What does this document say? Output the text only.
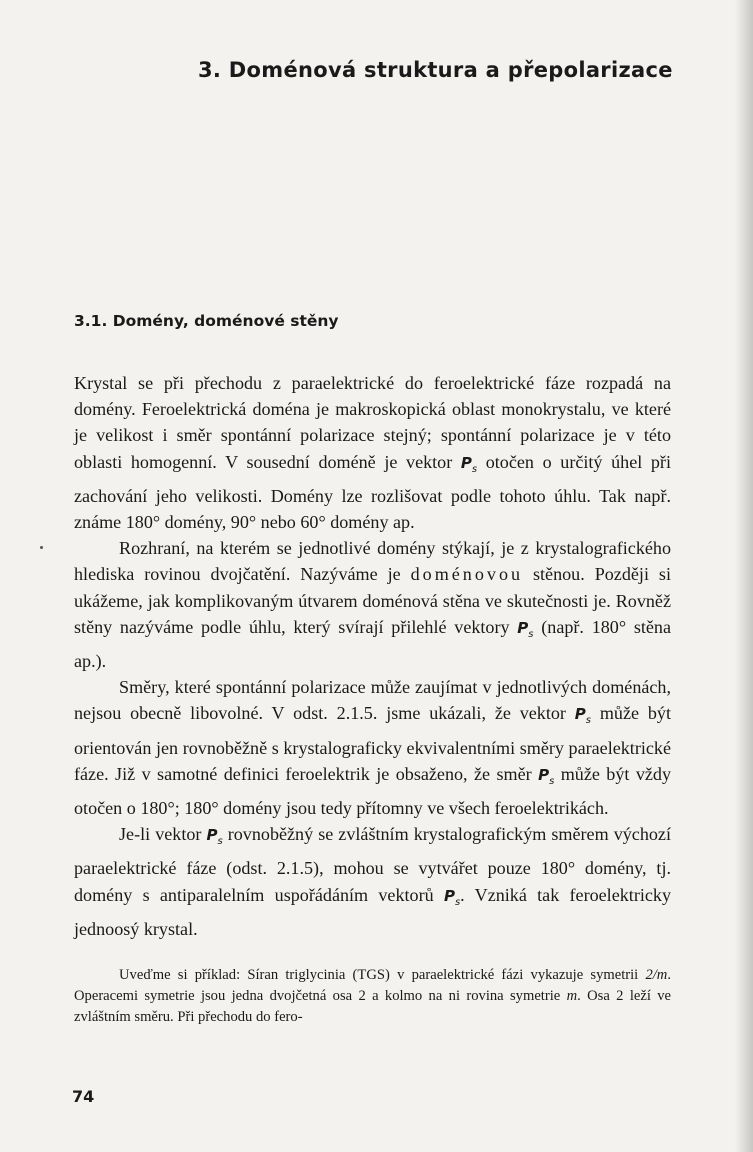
3. Doménová struktura a přepolarizace
3.1. Domény, doménové stěny

Krystal se při přechodu z paraelektrické do feroelektrické fáze rozpadá na domény. Feroelektrická doména je makroskopická oblast monokrystalu, ve které je velikost i směr spontánní polarizace stejný; spontánní polarizace je v této oblasti homogenní. V sousední doméně je vektor $P_s$ otočen o určitý úhel při zachování jeho velikosti. Domény lze rozlišovat podle tohoto úhlu. Tak např. známe 180° domény, 90° nebo 60° domény ap.

Rozhraní, na kterém se jednotlivé domény stýkají, je z krystalografického hlediska rovinou dvojčatění. Nazýváme je doménovou stěnou. Později si ukážeme, jak komplikovaným útvarem doménová stěna ve skutečnosti je. Rovněž stěny nazýváme podle úhlu, který svírají přilehlé vektory $P_s$ (např. 180° stěna ap.).

Směry, které spontánní polarizace může zaujímat v jednotlivých doménách, nejsou obecně libovolné. V odst. 2.1.5. jsme ukázali, že vektor $P_s$ může být orientován jen rovnoběžně s krystalograficky ekvivalentními směry paraelektrické fáze. Již v samotné definici feroelektrik je obsaženo, že směr $P_s$ může být vždy otočen o 180°; 180° domény jsou tedy přítomny ve všech feroelektrikách.

Je-li vektor $P_s$ rovnoběžný se zvláštním krystalografickým směrem výchozí paraelektrické fáze (odst. 2.1.5), mohou se vytvářet pouze 180° domény, tj. domény s antiparalelním uspořádáním vektorů $P_s$. Vzniká tak feroelektricky jednoosý krystal.

Uveďme si příklad: Síran triglycinia (TGS) v paraelektrické fázi vykazuje symetrii 2/m. Operacemi symetrie jsou jedna dvojčetná osa 2 a kolmo na ni rovina symetrie m. Osa 2 leží ve zvláštním směru. Při přechodu do fero-

74
